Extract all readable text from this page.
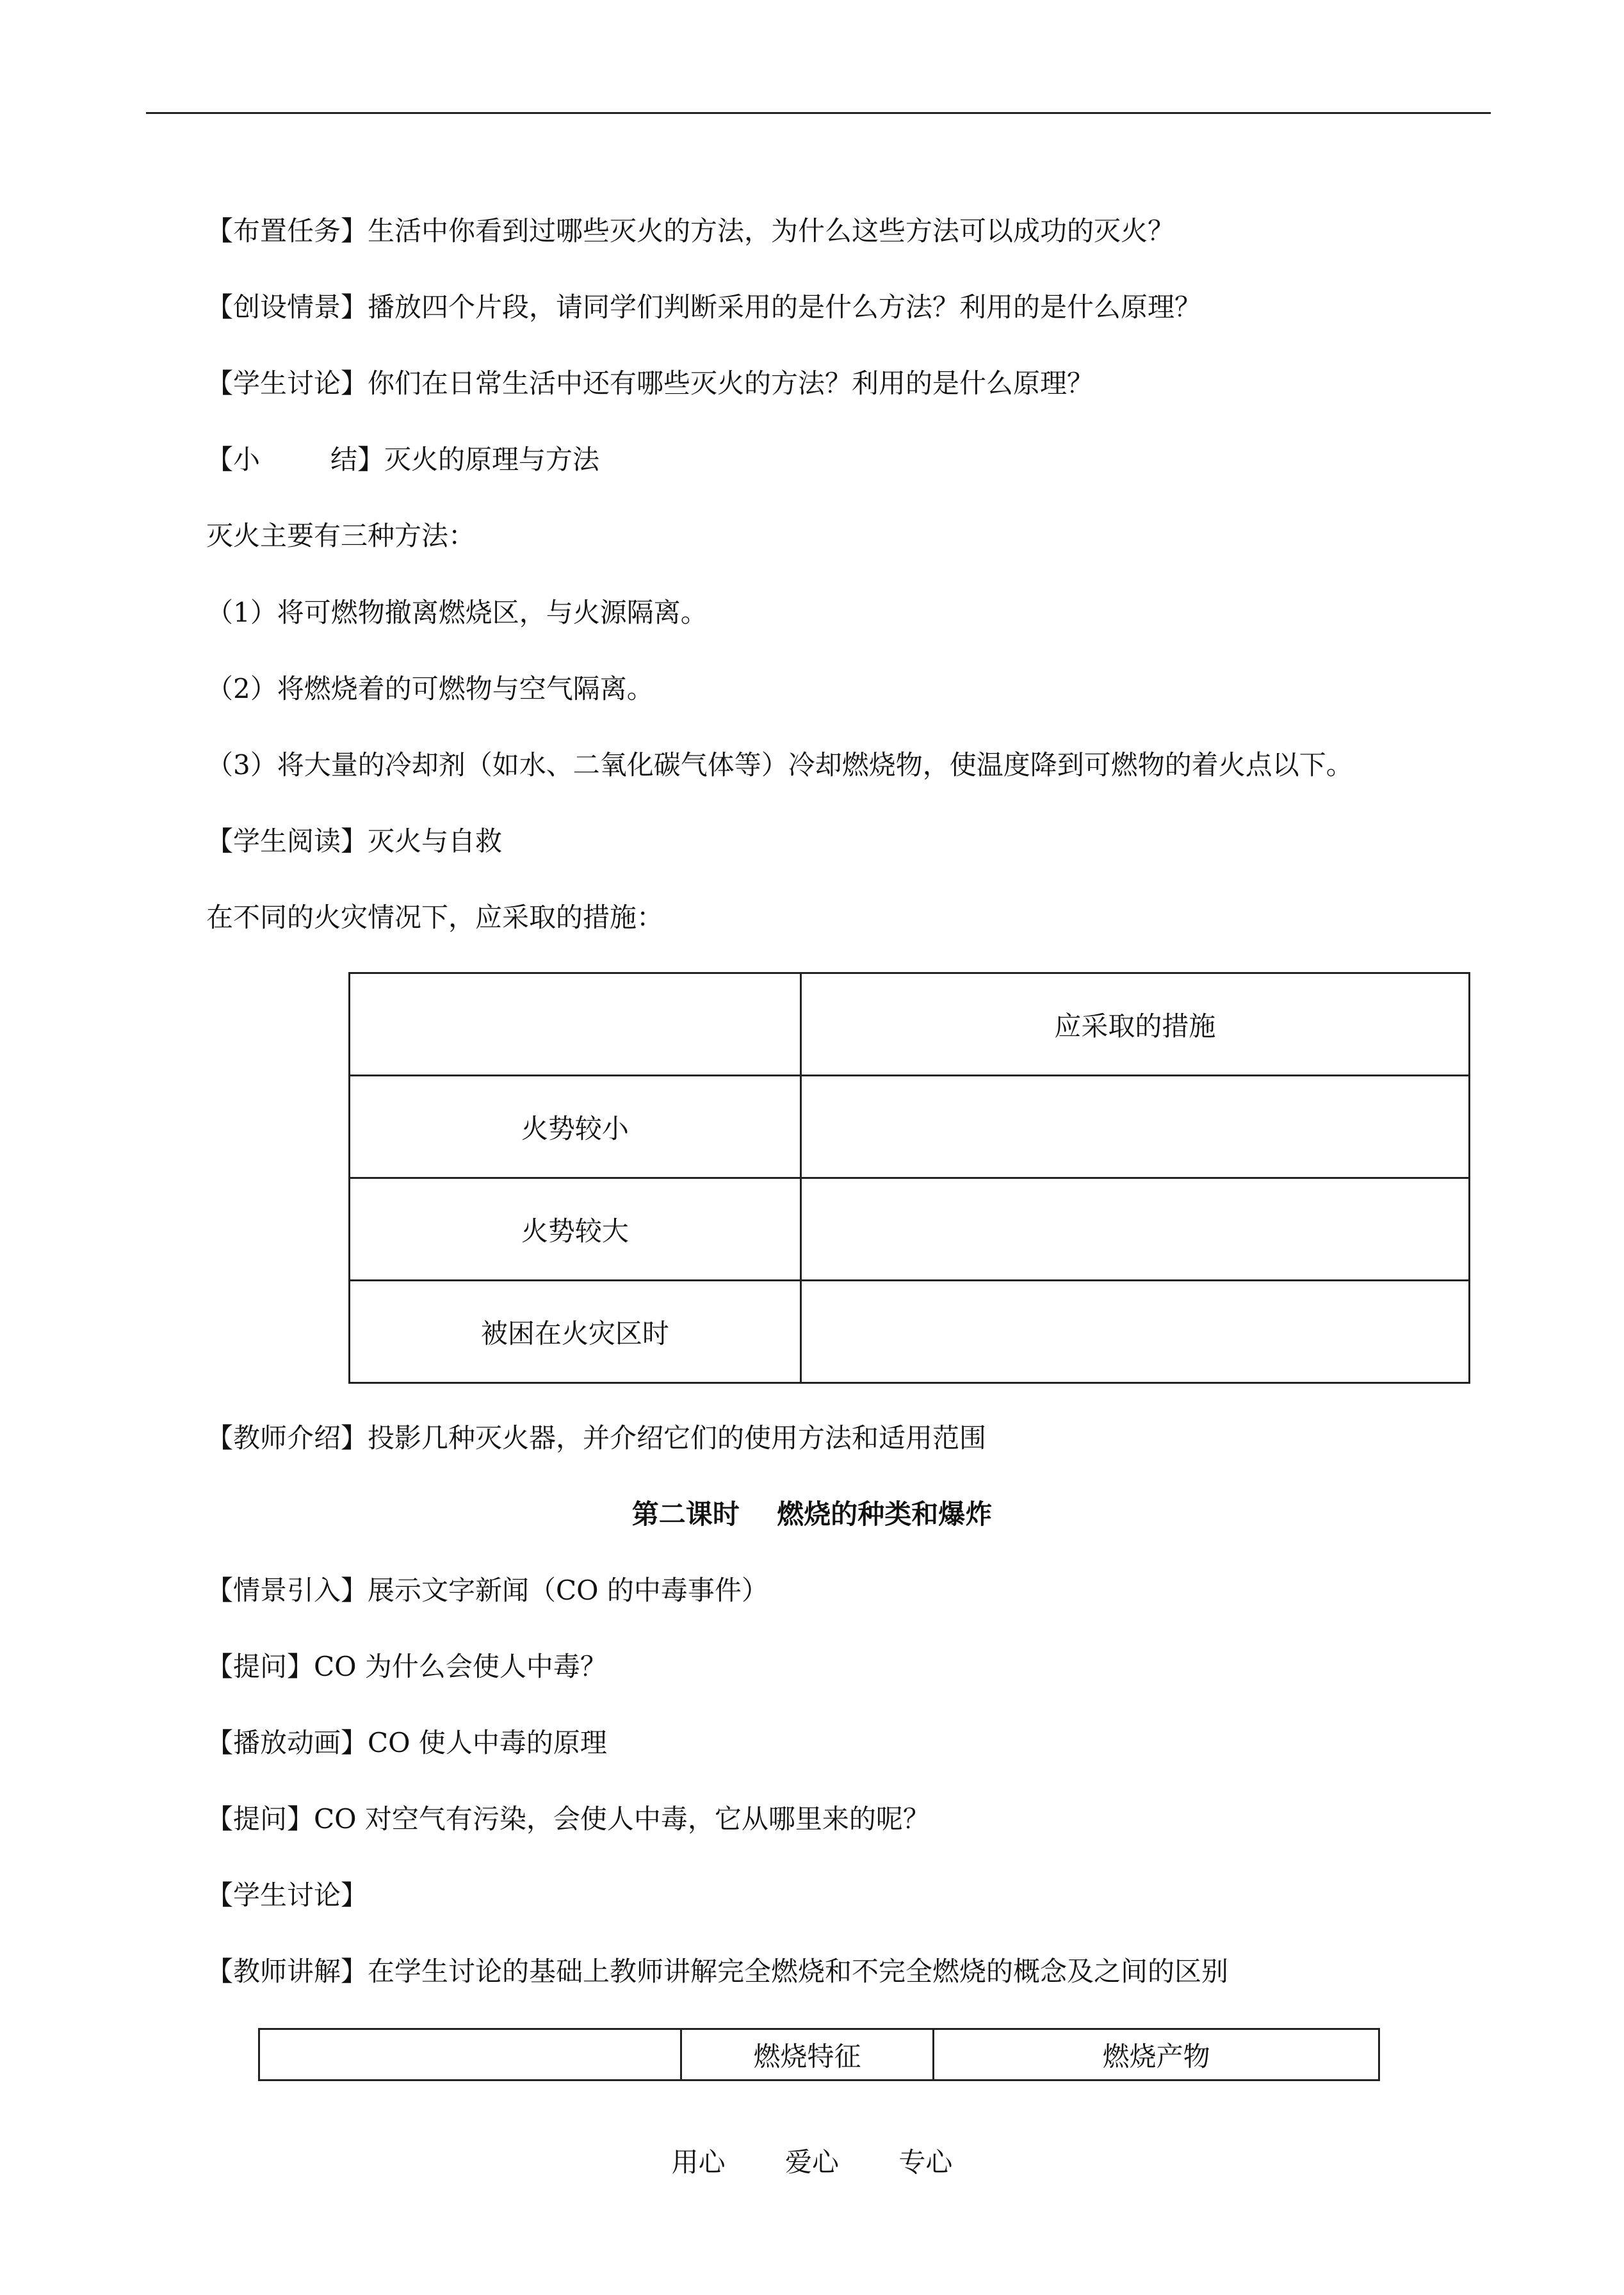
【布置任务】生活中你看到过哪些灭火的方法，为什么这些方法可以成功的灭火？
【创设情景】播放四个片段，请同学们判断采用的是什么方法？利用的是什么原理？
【学生讨论】你们在日常生活中还有哪些灭火的方法？利用的是什么原理？
【小	结】灭火的原理与方法
灭火主要有三种方法：
（1）将可燃物撤离燃烧区，与火源隔离。
（2）将燃烧着的可燃物与空气隔离。
（3）将大量的冷却剂（如水、二氧化碳气体等）冷却燃烧物，使温度降到可燃物的着火点以下。
【学生阅读】灭火与自救
在不同的火灾情况下，应采取的措施：
	应采取的措施
火势较小	
火势较大	
被困在火灾区时	
【教师介绍】投影几种灭火器，并介绍它们的使用方法和适用范围
第二课时    燃烧的种类和爆炸
【情景引入】展示文字新闻（CO 的中毒事件）
【提问】CO 为什么会使人中毒？
【播放动画】CO 使人中毒的原理
【提问】CO 对空气有污染，会使人中毒，它从哪里来的呢？
【学生讨论】
【教师讲解】在学生讨论的基础上教师讲解完全燃烧和不完全燃烧的概念及之间的区别
	燃烧特征	燃烧产物
用心 爱心 专心
